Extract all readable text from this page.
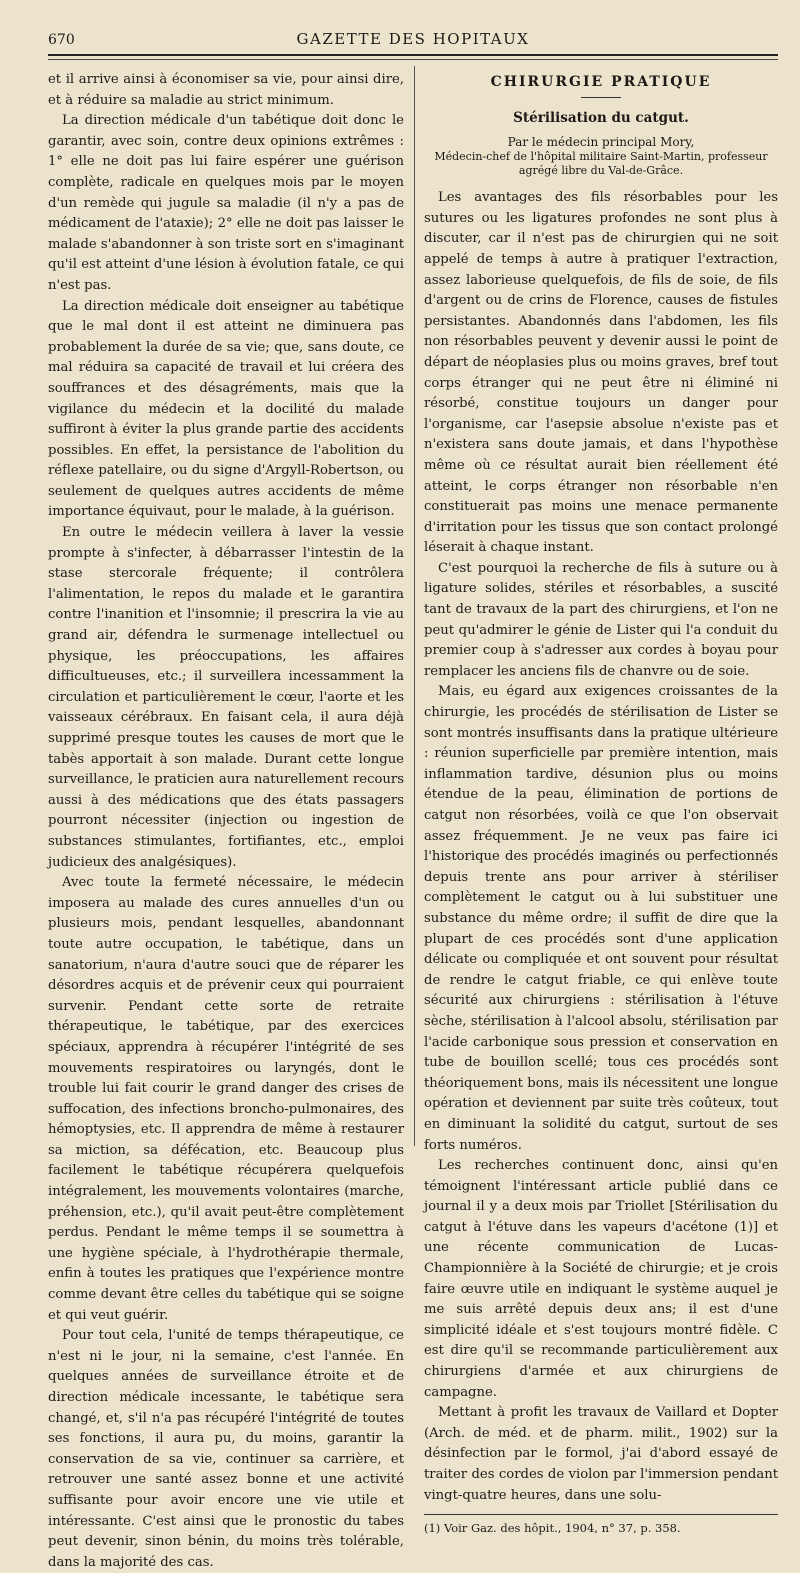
670	GAZETTE DES HOPITAUX

et il arrive ainsi à économiser sa vie, pour ainsi dire, et à réduire sa maladie au strict minimum.

La direction médicale d'un tabétique doit donc le garantir, avec soin, contre deux opinions extrêmes : 1° elle ne doit pas lui faire espérer une guérison complète, radicale en quelques mois par le moyen d'un remède qui jugule sa maladie (il n'y a pas de médicament de l'ataxie); 2° elle ne doit pas laisser le malade s'abandonner à son triste sort en s'imaginant qu'il est atteint d'une lésion à évolution fatale, ce qui n'est pas.

La direction médicale doit enseigner au tabétique que le mal dont il est atteint ne diminuera pas probablement la durée de sa vie; que, sans doute, ce mal réduira sa capacité de travail et lui créera des souffrances et des désagréments, mais que la vigilance du médecin et la docilité du malade suffiront à éviter la plus grande partie des accidents possibles. En effet, la persistance de l'abolition du réflexe patellaire, ou du signe d'Argyll-Robertson, ou seulement de quelques autres accidents de même importance équivaut, pour le malade, à la guérison.

En outre le médecin veillera à laver la vessie prompte à s'infecter, à débarrasser l'intestin de la stase stercorale fréquente; il contrôlera l'alimentation, le repos du malade et le garantira contre l'inanition et l'insomnie; il prescrira la vie au grand air, défendra le surmenage intellectuel ou physique, les préoccupations, les affaires difficultueuses, etc.; il surveillera incessamment la circulation et particulièrement le cœur, l'aorte et les vaisseaux cérébraux. En faisant cela, il aura déjà supprimé presque toutes les causes de mort que le tabès apportait à son malade. Durant cette longue surveillance, le praticien aura naturellement recours aussi à des médications que des états passagers pourront nécessiter (injection ou ingestion de substances stimulantes, fortifiantes, etc., emploi judicieux des analgésiques).

Avec toute la fermeté nécessaire, le médecin imposera au malade des cures annuelles d'un ou plusieurs mois, pendant lesquelles, abandonnant toute autre occupation, le tabétique, dans un sanatorium, n'aura d'autre souci que de réparer les désordres acquis et de prévenir ceux qui pourraient survenir. Pendant cette sorte de retraite thérapeutique, le tabétique, par des exercices spéciaux, apprendra à récupérer l'intégrité de ses mouvements respiratoires ou laryngés, dont le trouble lui fait courir le grand danger des crises de suffocation, des infections broncho-pulmonaires, des hémoptysies, etc. Il apprendra de même à restaurer sa miction, sa défécation, etc. Beaucoup plus facilement le tabétique récupérera quelquefois intégralement, les mouvements volontaires (marche, préhension, etc.), qu'il avait peut-être complètement perdus. Pendant le même temps il se soumettra à une hygiène spéciale, à l'hydrothérapie thermale, enfin à toutes les pratiques que l'expérience montre comme devant être celles du tabétique qui se soigne et qui veut guérir.

Pour tout cela, l'unité de temps thérapeutique, ce n'est ni le jour, ni la semaine, c'est l'année. En quelques années de surveillance étroite et de direction médicale incessante, le tabétique sera changé, et, s'il n'a pas récupéré l'intégrité de toutes ses fonctions, il aura pu, du moins, garantir la conservation de sa vie, continuer sa carrière, et retrouver une santé assez bonne et une activité suffisante pour avoir encore une vie utile et intéressante. C'est ainsi que le pronostic du tabes peut devenir, sinon bénin, du moins très tolérable, dans la majorité des cas.

CHIRURGIE PRATIQUE
Stérilisation du catgut.
Par le médecin principal Mory,
Médecin-chef de l'hôpital militaire Saint-Martin, professeur agrégé libre du Val-de-Grâce.

Les avantages des fils résorbables pour les sutures ou les ligatures profondes ne sont plus à discuter, car il n'est pas de chirurgien qui ne soit appelé de temps à autre à pratiquer l'extraction, assez laborieuse quelquefois, de fils de soie, de fils d'argent ou de crins de Florence, causes de fistules persistantes. Abandonnés dans l'abdomen, les fils non résorbables peuvent y devenir aussi le point de départ de néoplasies plus ou moins graves, bref tout corps étranger qui ne peut être ni éliminé ni résorbé, constitue toujours un danger pour l'organisme, car l'asepsie absolue n'existe pas et n'existera sans doute jamais, et dans l'hypothèse même où ce résultat aurait bien réellement été atteint, le corps étranger non résorbable n'en constituerait pas moins une menace permanente d'irritation pour les tissus que son contact prolongé léserait à chaque instant.

C'est pourquoi la recherche de fils à suture ou à ligature solides, stériles et résorbables, a suscité tant de travaux de la part des chirurgiens, et l'on ne peut qu'admirer le génie de Lister qui l'a conduit du premier coup à s'adresser aux cordes à boyau pour remplacer les anciens fils de chanvre ou de soie.

Mais, eu égard aux exigences croissantes de la chirurgie, les procédés de stérilisation de Lister se sont montrés insuffisants dans la pratique ultérieure : réunion superficielle par première intention, mais inflammation tardive, désunion plus ou moins étendue de la peau, élimination de portions de catgut non résorbées, voilà ce que l'on observait assez fréquemment. Je ne veux pas faire ici l'historique des procédés imaginés ou perfectionnés depuis trente ans pour arriver à stériliser complètement le catgut ou à lui substituer une substance du même ordre; il suffit de dire que la plupart de ces procédés sont d'une application délicate ou compliquée et ont souvent pour résultat de rendre le catgut friable, ce qui enlève toute sécurité aux chirurgiens : stérilisation à l'étuve sèche, stérilisation à l'alcool absolu, stérilisation par l'acide carbonique sous pression et conservation en tube de bouillon scellé; tous ces procédés sont théoriquement bons, mais ils nécessitent une longue opération et deviennent par suite très coûteux, tout en diminuant la solidité du catgut, surtout de ses forts numéros.

Les recherches continuent donc, ainsi qu'en témoignent l'intéressant article publié dans ce journal il y a deux mois par Triollet [Stérilisation du catgut à l'étuve dans les vapeurs d'acétone (1)] et une récente communication de Lucas-Championnière à la Société de chirurgie; et je crois faire œuvre utile en indiquant le système auquel je me suis arrêté depuis deux ans; il est d'une simplicité idéale et s'est toujours montré fidèle. C est dire qu'il se recommande particulièrement aux chirurgiens d'armée et aux chirurgiens de campagne.

Mettant à profit les travaux de Vaillard et Dopter (Arch. de méd. et de pharm. milit., 1902) sur la désinfection par le formol, j'ai d'abord essayé de traiter des cordes de violon par l'immersion pendant vingt-quatre heures, dans une solu-

(1) Voir Gaz. des hôpit., 1904, n° 37, p. 358.
